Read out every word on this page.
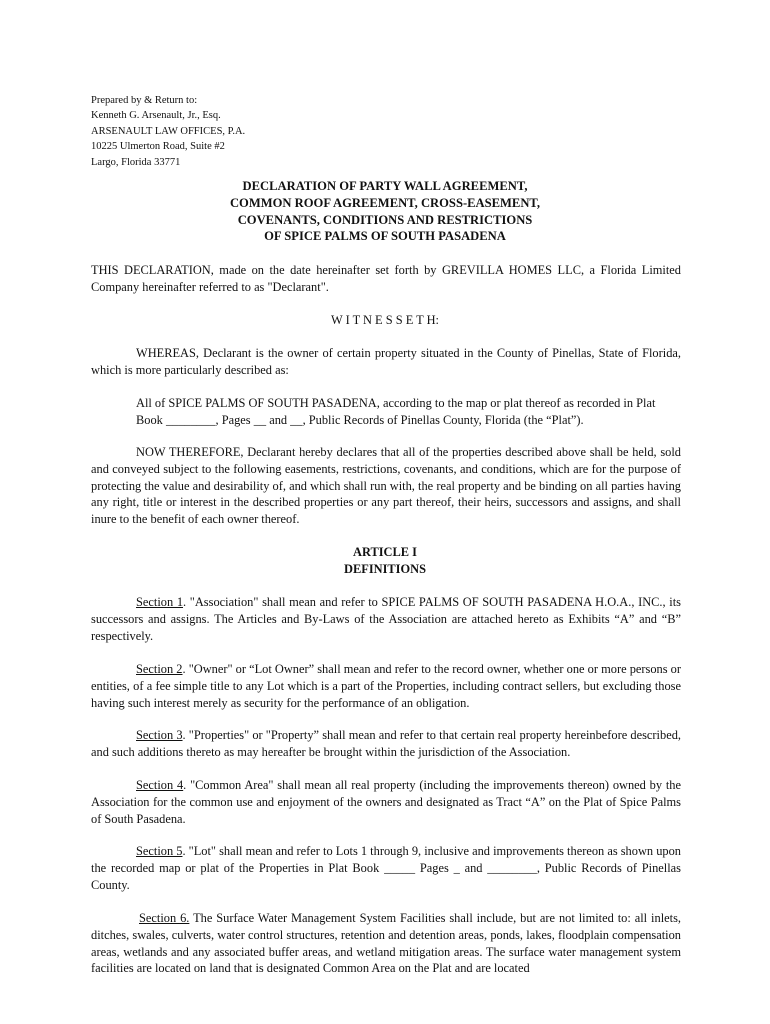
Prepared by & Return to:
Kenneth G. Arsenault, Jr., Esq.
ARSENAULT LAW OFFICES, P.A.
10225 Ulmerton Road, Suite #2
Largo, Florida 33771
DECLARATION OF PARTY WALL AGREEMENT,
COMMON ROOF AGREEMENT, CROSS-EASEMENT,
COVENANTS, CONDITIONS AND RESTRICTIONS
OF SPICE PALMS OF SOUTH PASADENA
THIS DECLARATION, made on the date hereinafter set forth by GREVILLA HOMES LLC, a Florida Limited Company hereinafter referred to as "Declarant".
W I T N E S S E T H:
WHEREAS, Declarant is the owner of certain property situated in the County of Pinellas, State of Florida, which is more particularly described as:
All of SPICE PALMS OF SOUTH PASADENA, according to the map or plat thereof as recorded in Plat Book ________, Pages __ and __, Public Records of Pinellas County, Florida (the “Plat”).
NOW THEREFORE, Declarant hereby declares that all of the properties described above shall be held, sold and conveyed subject to the following easements, restrictions, covenants, and conditions, which are for the purpose of protecting the value and desirability of, and which shall run with, the real property and be binding on all parties having any right, title or interest in the described properties or any part thereof, their heirs, successors and assigns, and shall inure to the benefit of each owner thereof.
ARTICLE I
DEFINITIONS
Section 1. "Association" shall mean and refer to SPICE PALMS OF SOUTH PASADENA H.O.A., INC., its successors and assigns. The Articles and By-Laws of the Association are attached hereto as Exhibits “A” and “B” respectively.
Section 2. "Owner" or “Lot Owner” shall mean and refer to the record owner, whether one or more persons or entities, of a fee simple title to any Lot which is a part of the Properties, including contract sellers, but excluding those having such interest merely as security for the performance of an obligation.
Section 3. "Properties" or "Property” shall mean and refer to that certain real property hereinbefore described, and such additions thereto as may hereafter be brought within the jurisdiction of the Association.
Section 4. "Common Area" shall mean all real property (including the improvements thereon) owned by the Association for the common use and enjoyment of the owners and designated as Tract “A” on the Plat of Spice Palms of South Pasadena.
Section 5. "Lot" shall mean and refer to Lots 1 through 9, inclusive and improvements thereon as shown upon the recorded map or plat of the Properties in Plat Book _____ Pages _ and ________, Public Records of Pinellas County.
Section 6. The Surface Water Management System Facilities shall include, but are not limited to: all inlets, ditches, swales, culverts, water control structures, retention and detention areas, ponds, lakes, floodplain compensation areas, wetlands and any associated buffer areas, and wetland mitigation areas. The surface water management system facilities are located on land that is designated Common Area on the Plat and are located
